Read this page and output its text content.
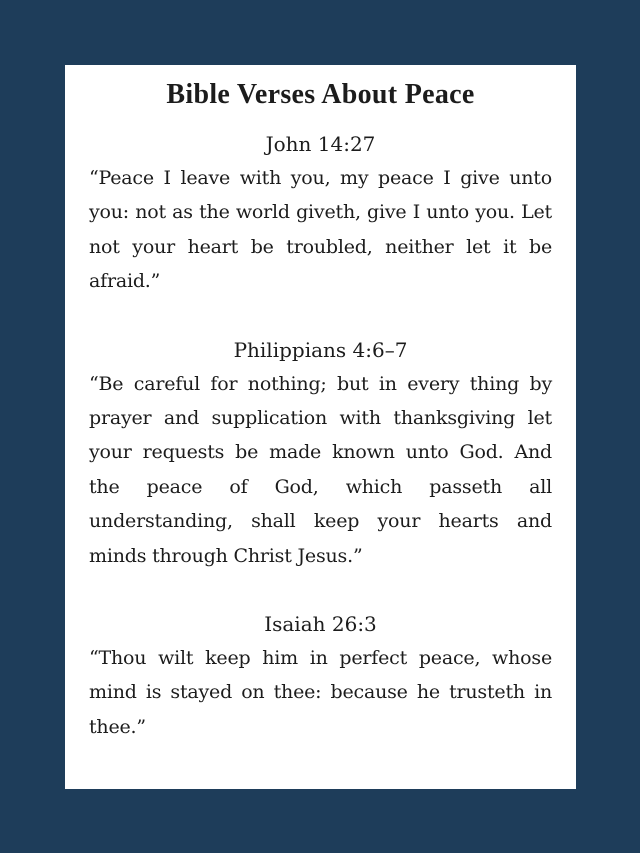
Bible Verses About Peace
John 14:27

“Peace I leave with you, my peace I give unto you: not as the world giveth, give I unto you. Let not your heart be troubled, neither let it be afraid.”

Philippians 4:6–7

“Be careful for nothing; but in every thing by prayer and supplication with thanksgiving let your requests be made known unto God. And the peace of God, which passeth all understanding, shall keep your hearts and minds through Christ Jesus.”

Isaiah 26:3

“Thou wilt keep him in perfect peace, whose mind is stayed on thee: because he trusteth in thee.”
